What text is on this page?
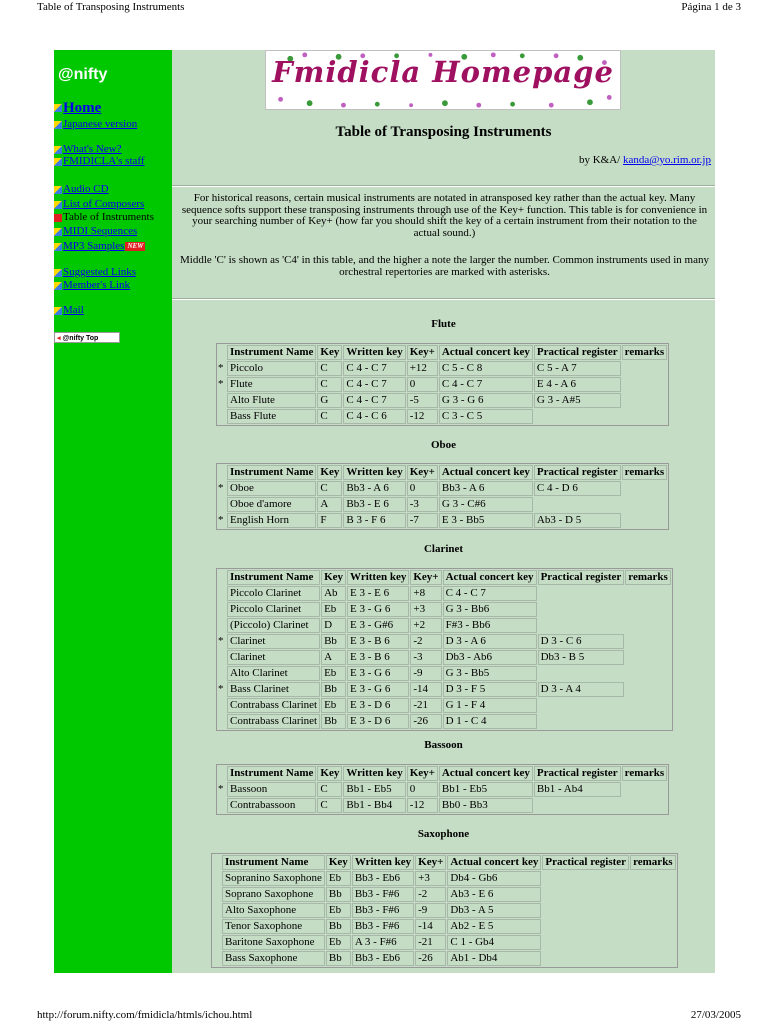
Table of Transposing Instruments	Página 1 de 3
@nifty
Home
Japanese version
What's New?
FMIDICLA's staff
Audio CD
List of Composers
Table of Instruments
MIDI Sequences
MP3 Samples NEW
Suggested Links
Member's Link
Mail
◂ @nifty Top
Fmidicla Homepage
Table of Transposing Instruments
by K&A/ kanda@yo.rim.or.jp
For historical reasons, certain musical instruments are notated in atransposed key rather than the actual key. Many sequence softs support these transposing instruments through use of the Key+ function. This table is for convenience in your searching number of Key+ (how far you should shift the key of a certain instrument from their notation to the actual sound.)
Middle 'C' is shown as 'C4' in this table, and the higher a note the larger the number. Common instruments used in many orchestral repertories are marked with asterisks.
Flute
	Instrument Name	Key	Written key	Key+	Actual concert key	Practical register	remarks
*	Piccolo	C	C 4 - C 7	+12	C 5 - C 8	C 5 - A 7	
*	Flute	C	C 4 - C 7	0	C 4 - C 7	E 4 - A 6	
	Alto Flute	G	C 4 - C 7	-5	G 3 - G 6	G 3 - A#5	
	Bass Flute	C	C 4 - C 6	-12	C 3 - C 5		
Oboe
	Instrument Name	Key	Written key	Key+	Actual concert key	Practical register	remarks
*	Oboe	C	Bb3 - A 6	0	Bb3 - A 6	C 4 - D 6	
	Oboe d'amore	A	Bb3 - E 6	-3	G 3 - C#6		
*	English Horn	F	B 3 - F 6	-7	E 3 - Bb5	Ab3 - D 5	
Clarinet
	Instrument Name	Key	Written key	Key+	Actual concert key	Practical register	remarks
	Piccolo Clarinet	Ab	E 3 - E 6	+8	C 4 - C 7		
	Piccolo Clarinet	Eb	E 3 - G 6	+3	G 3 - Bb6		
	(Piccolo) Clarinet	D	E 3 - G#6	+2	F#3 - Bb6		
*	Clarinet	Bb	E 3 - B 6	-2	D 3 - A 6	D 3 - C 6	
	Clarinet	A	E 3 - B 6	-3	Db3 - Ab6	Db3 - B 5	
	Alto Clarinet	Eb	E 3 - G 6	-9	G 3 - Bb5		
*	Bass Clarinet	Bb	E 3 - G 6	-14	D 3 - F 5	D 3 - A 4	
	Contrabass Clarinet	Eb	E 3 - D 6	-21	G 1 - F 4		
	Contrabass Clarinet	Bb	E 3 - D 6	-26	D 1 - C 4		
Bassoon
	Instrument Name	Key	Written key	Key+	Actual concert key	Practical register	remarks
*	Bassoon	C	Bb1 - Eb5	0	Bb1 - Eb5	Bb1 - Ab4	
	Contrabassoon	C	Bb1 - Bb4	-12	Bb0 - Bb3		
Saxophone
	Instrument Name	Key	Written key	Key+	Actual concert key	Practical register	remarks
	Sopranino Saxophone	Eb	Bb3 - Eb6	+3	Db4 - Gb6		
	Soprano Saxophone	Bb	Bb3 - F#6	-2	Ab3 - E 6		
	Alto Saxophone	Eb	Bb3 - F#6	-9	Db3 - A 5		
	Tenor Saxophone	Bb	Bb3 - F#6	-14	Ab2 - E 5		
	Baritone Saxophone	Eb	A 3 - F#6	-21	C 1 - Gb4		
	Bass Saxophone	Bb	Bb3 - Eb6	-26	Ab1 - Db4		
http://forum.nifty.com/fmidicla/htmls/ichou.html	27/03/2005
